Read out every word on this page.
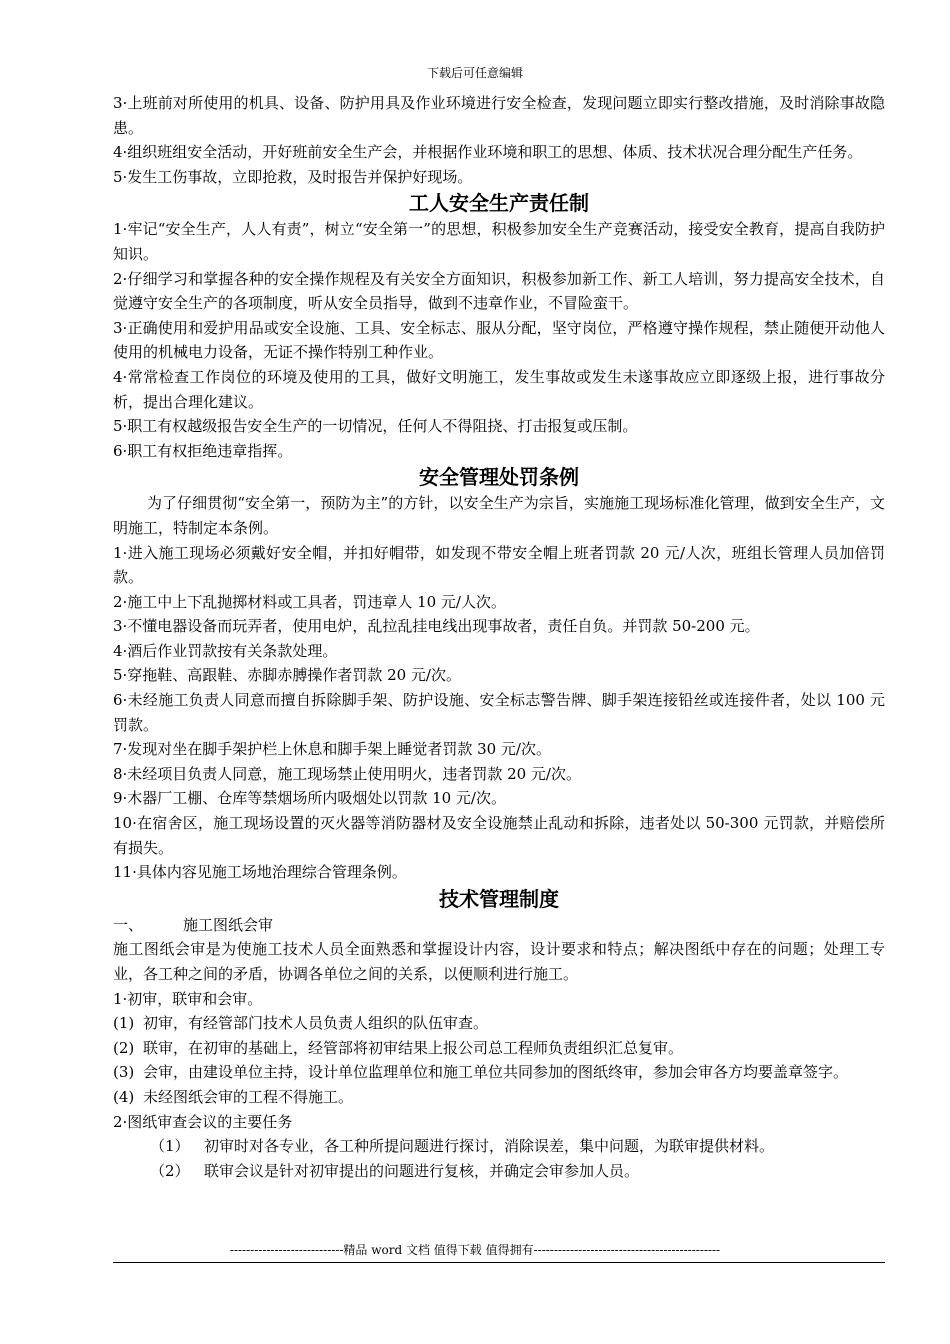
下载后可任意编辑

3·上班前对所使用的机具、设备、防护用具及作业环境进行安全检查，发现问题立即实行整改措施，及时消除事故隐患。

4·组织班组安全活动，开好班前安全生产会，并根据作业环境和职工的思想、体质、技术状况合理分配生产任务。

5·发生工伤事故，立即抢救，及时报告并保护好现场。

工人安全生产责任制

1·牢记“安全生产，人人有责”，树立“安全第一”的思想，积极参加安全生产竞赛活动，接受安全教育，提高自我防护知识。

2·仔细学习和掌握各种的安全操作规程及有关安全方面知识，积极参加新工作、新工人培训，努力提高安全技术，自觉遵守安全生产的各项制度，听从安全员指导，做到不违章作业，不冒险蛮干。

3·正确使用和爱护用品或安全设施、工具、安全标志、服从分配，坚守岗位，严格遵守操作规程，禁止随便开动他人使用的机械电力设备，无证不操作特别工种作业。

4·常常检查工作岗位的环境及使用的工具，做好文明施工，发生事故或发生未遂事故应立即逐级上报，进行事故分析，提出合理化建议。

5·职工有权越级报告安全生产的一切情况，任何人不得阻挠、打击报复或压制。

6·职工有权拒绝违章指挥。

安全管理处罚条例

为了仔细贯彻“安全第一，预防为主”的方针，以安全生产为宗旨，实施施工现场标准化管理，做到安全生产，文明施工，特制定本条例。

1·进入施工现场必须戴好安全帽，并扣好帽带，如发现不带安全帽上班者罚款 20 元/人次，班组长管理人员加倍罚款。

2·施工中上下乱抛掷材料或工具者，罚违章人 10 元/人次。

3·不懂电器设备而玩弄者，使用电炉，乱拉乱挂电线出现事故者，责任自负。并罚款 50-200 元。

4·酒后作业罚款按有关条款处理。

5·穿拖鞋、高跟鞋、赤脚赤膊操作者罚款 20 元/次。

6·未经施工负责人同意而擅自拆除脚手架、防护设施、安全标志警告牌、脚手架连接铅丝或连接件者，处以 100 元罚款。

7·发现对坐在脚手架护栏上休息和脚手架上睡觉者罚款 30 元/次。

8·未经项目负责人同意，施工现场禁止使用明火，违者罚款 20 元/次。

9·木器厂工棚、仓库等禁烟场所内吸烟处以罚款 10 元/次。

10·在宿舍区，施工现场设置的灭火器等消防器材及安全设施禁止乱动和拆除，违者处以 50-300 元罚款，并赔偿所有损失。

11·具体内容见施工场地治理综合管理条例。

技术管理制度
一、	施工图纸会审

施工图纸会审是为使施工技术人员全面熟悉和掌握设计内容，设计要求和特点；解决图纸中存在的问题；处理工专业，各工种之间的矛盾，协调各单位之间的关系，以便顺利进行施工。

1·初审，联审和会审。

(1) 初审，有经管部门技术人员负责人组织的队伍审查。
(2) 联审，在初审的基础上，经管部将初审结果上报公司总工程师负责组织汇总复审。
(3) 会审，由建设单位主持，设计单位监理单位和施工单位共同参加的图纸终审，参加会审各方均要盖章签字。
(4) 未经图纸会审的工程不得施工。

2·图纸审查会议的主要任务

（1） 初审时对各专业，各工种所提问题进行探讨，消除误差，集中问题，为联审提供材料。
（2） 联审会议是针对初审提出的问题进行复核，并确定会审参加人员。
----------------------------精品 word 文档 值得下载 值得拥有----------------------------------------------
